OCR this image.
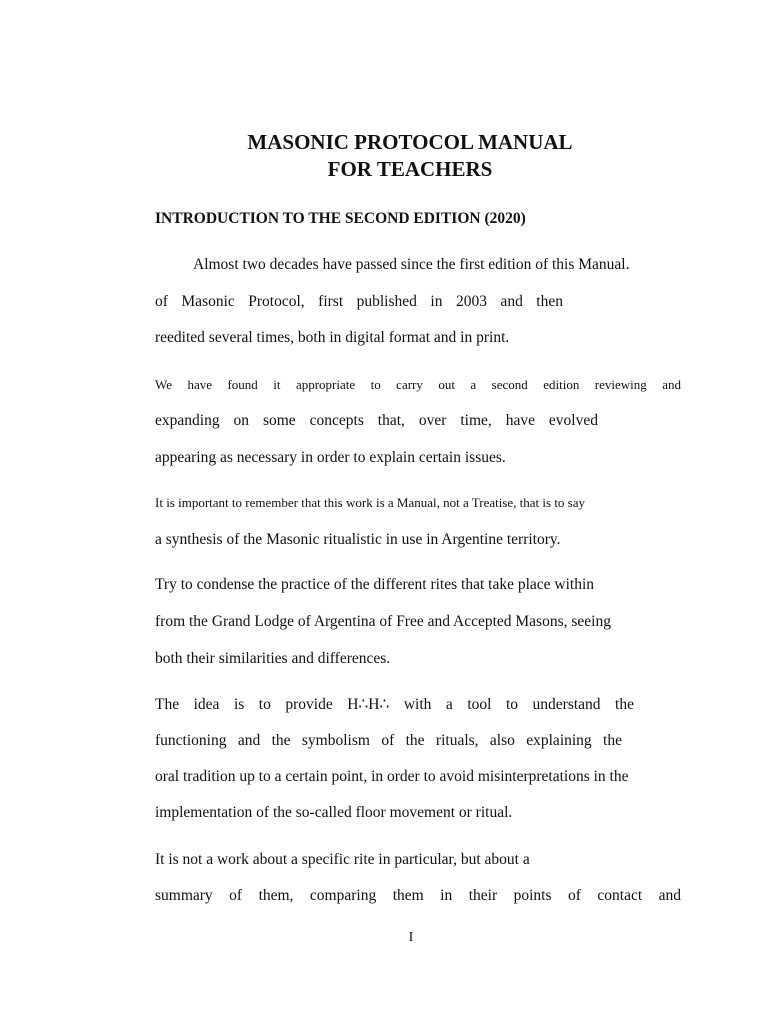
MASONIC PROTOCOL MANUAL
FOR TEACHERS
INTRODUCTION TO THE SECOND EDITION (2020)

Almost two decades have passed since the first edition of this Manual.

of Masonic Protocol, first published in 2003 and then

reedited several times, both in digital format and in print.

We have found it appropriate to carry out a second edition reviewing and

expanding on some concepts that, over time, have evolved

appearing as necessary in order to explain certain issues.

It is important to remember that this work is a Manual, not a Treatise, that is to say

a synthesis of the Masonic ritualistic in use in Argentine territory.

Try to condense the practice of the different rites that take place within

from the Grand Lodge of Argentina of Free and Accepted Masons, seeing

both their similarities and differences.

The idea is to provide H∴H∴ with a tool to understand the

functioning and the symbolism of the rituals, also explaining the

oral tradition up to a certain point, in order to avoid misinterpretations in the

implementation of the so-called floor movement or ritual.

It is not a work about a specific rite in particular, but about a

summary of them, comparing them in their points of contact and

I
